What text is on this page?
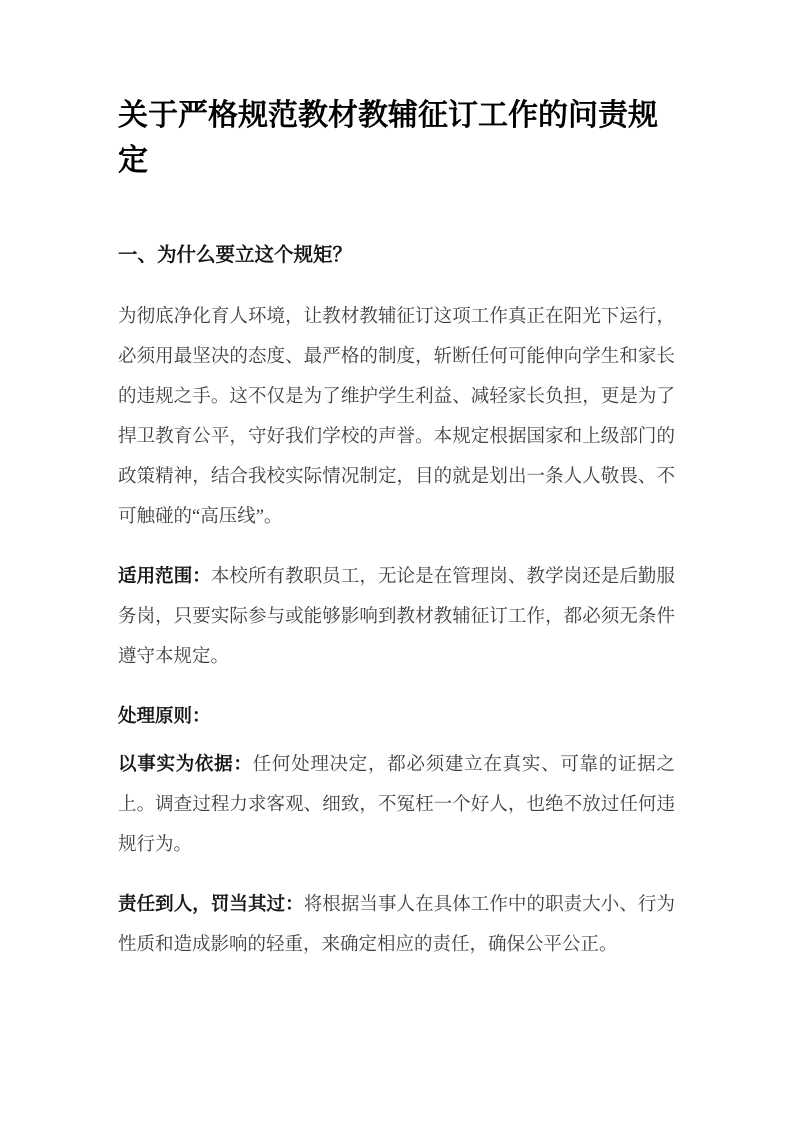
关于严格规范教材教辅征订工作的问责规定
一、为什么要立这个规矩？

为彻底净化育人环境，让教材教辅征订这项工作真正在阳光下运行，必须用最坚决的态度、最严格的制度，斩断任何可能伸向学生和家长的违规之手。这不仅是为了维护学生利益、减轻家长负担，更是为了捍卫教育公平，守好我们学校的声誉。本规定根据国家和上级部门的政策精神，结合我校实际情况制定，目的就是划出一条人人敬畏、不可触碰的“高压线”。

适用范围：本校所有教职员工，无论是在管理岗、教学岗还是后勤服务岗，只要实际参与或能够影响到教材教辅征订工作，都必须无条件遵守本规定。

处理原则：

以事实为依据：任何处理决定，都必须建立在真实、可靠的证据之上。调查过程力求客观、细致，不冤枉一个好人，也绝不放过任何违规行为。

责任到人，罚当其过：将根据当事人在具体工作中的职责大小、行为性质和造成影响的轻重，来确定相应的责任，确保公平公正。
